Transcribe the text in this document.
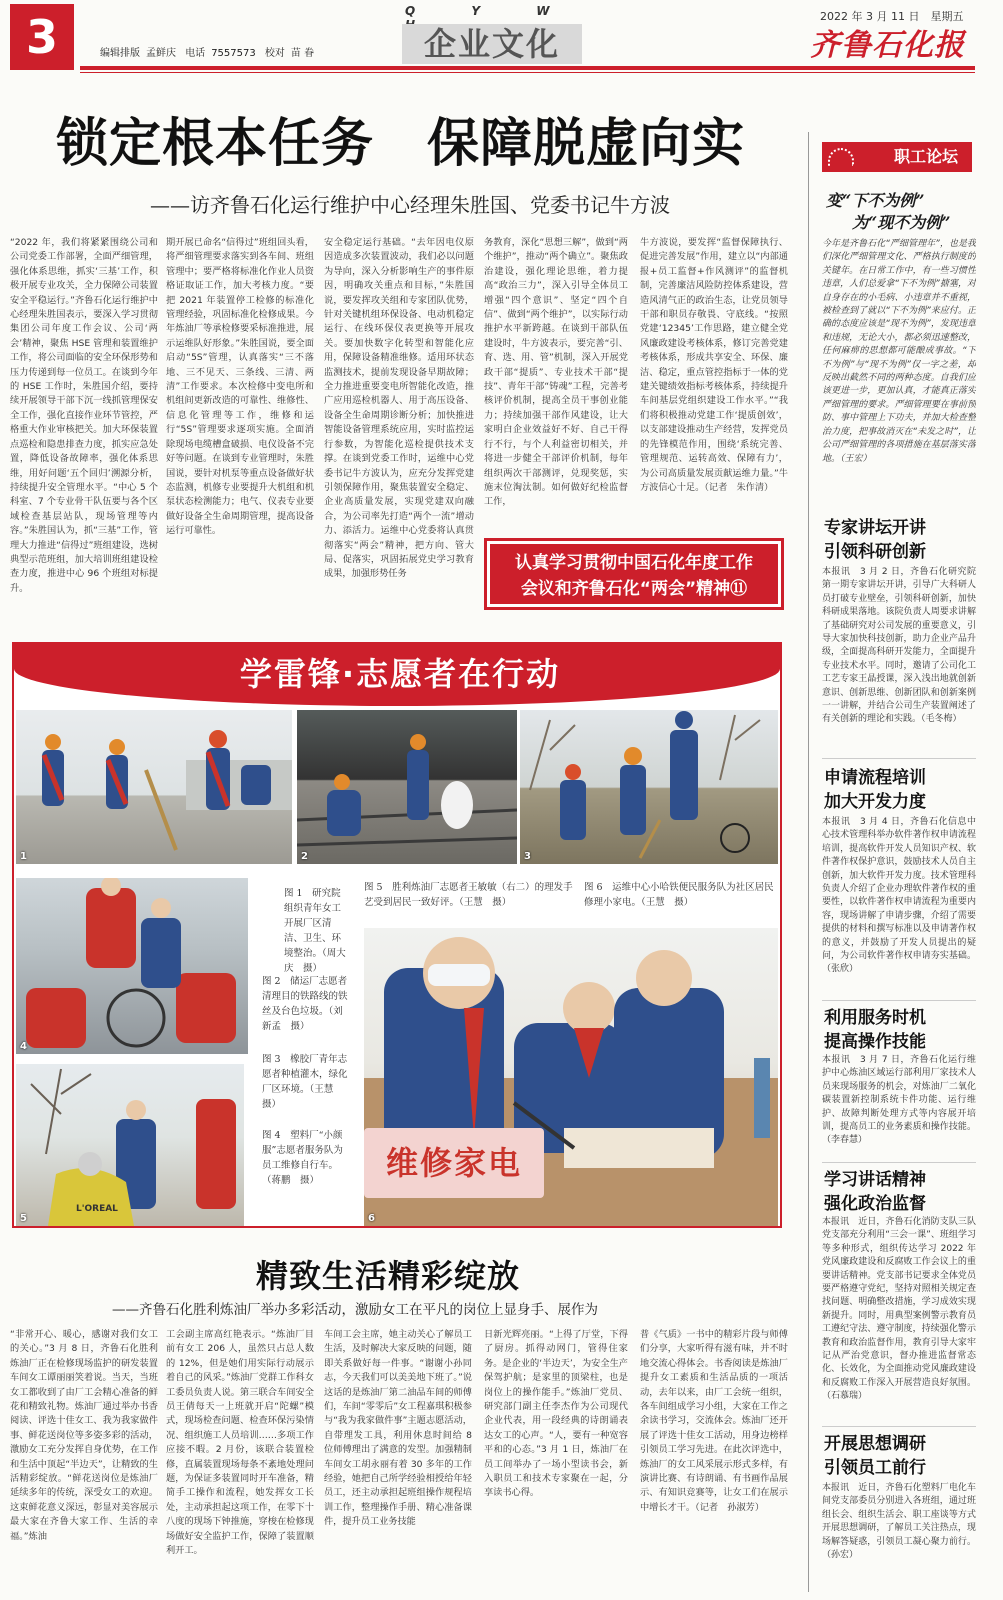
3	编辑排版 孟鲜庆 电话 7557573 校对 苗 眷
Q Y W
企业文化
2022 年 3 月 11 日　星期五
齐鲁石化报
锁定根本任务　保障脱虚向实
——访齐鲁石化运行维护中心经理朱胜国、党委书记牛方波
“2022 年，我们将紧紧围绕公司和公司党委工作部署，全面严细管理，强化体系思维，抓实‘三基’工作，积极开展专业攻关，全力保障公司装置安全平稳运行。”齐鲁石化运行维护中心经理朱胜国表示，要深入学习贯彻集团公司年度工作会议、公司‘两会’精神，聚焦 HSE 管理和装置维护工作，将公司面临的安全环保形势和压力传递到每一位员工。在谈到今年的 HSE 工作时，朱胜国介绍，要持续开展领导干部下沉一线抓管理保安全工作，强化直接作业环节管控，严格重大作业审核把关。加大环保装置点巡检和隐患排查力度，抓实应急处置，降低设备故障率，强化体系思维，用好问题‘五个回归’溯源分析，持续提升安全管理水平。“中心 5 个科室、7 个专业骨干队伍要与各个区域检查基层站队，现场管理等内容。”朱胜国认为，抓“三基”工作，管理大力推进“信得过”班组建设，选树典型示范班组，加大培训班组建设检查力度，推进中心 96 个班组对标提升。
期开展已命名“信得过”班组回头看，将严细管理要求落实到各车间、班组管理中；要严格将标准化作业人员资格证取证工作，加大考核力度。“要把 2021 年装置停工检修的标准化管理经验，巩固标准化检修成果。今年炼油厂等承检修要采标准推进，展示运维队好形象。”朱胜国说，要全面启动“5S”管理，认真落实“三不落地、三不见天、三条线、三清、两清”工作要求。本次检修中变电所和机组间更新改造的可靠性、维修性、信息化管理等工作，维修和运行“5S”管理要求逐项实施。全面消除现场电缆槽盒破损、电仪设备不完好等问题。在谈到专业管理时，朱胜国说，要针对机泵等重点设备做好状态监测，机修专业要提升大机组和机泵状态检测能力；电气、仪表专业要做好设备全生命周期管理，提高设备运行可靠性。
安全稳定运行基础。“去年因电仪原因造成多次装置波动，我们必以问题为导向，深入分析影响生产的事件原因，明确攻关重点和目标，”朱胜国说，要发挥攻关组和专家团队优势，针对关键机组环保设备、电动机稳定运行、在线环保仪表更换等开展攻关。要加快数字化转型和智能化应用，保障设备精准维修。适用环状态监测技术，提前发现设备早期故障；全力推进重要变电所智能化改造，推广应用巡检机器人、用于高压设备、设备全生命周期诊断分析；加快推进智能设备管理系统应用，实时监控运行参数，为智能化巡检提供技术支撑。在谈到党委工作时，运维中心党委书记牛方波认为，应充分发挥党建引领保障作用，聚焦装置安全稳定、企业高质量发展，实现党建双向融合，为公司率先打造“两个一流”增动力、添活力。运维中心党委将认真贯彻落实“两会”精神，把方向、管大局、促落实，巩固拓展党史学习教育成果，加强形势任务
务教育，深化“思想三解”，做到“两个维护”，推动“两个确立”。聚焦政治建设，强化理论思维，着力提高“政治三力”，深入引导全体员工增强“四个意识”、坚定“四个自信”、做到“两个维护”，以实际行动推护水平新跨越。在谈到干部队伍建设时，牛方波表示，要完善“引、育、选、用、管”机制，深入开展党政干部“提质”、专业技术干部“提技”、青年干部“铸魂”工程，完善考核评价机制，提高全员干事创业能力；持续加强干部作风建设，让大家明白企业效益好不好、自己干得行不行，与个人利益密切相关，并将进一步健全干部评价机制，每年组织两次干部测评，兑现奖惩，实施末位淘汰制。如何做好纪检监督工作，
牛方波说，要发挥“监督保障执行、促进完善发展”作用，建立以“内部通报+员工监督+作风测评”的监督机制，完善廉洁风险防控体系建设，营造风清气正的政治生态，让党员领导干部和职员存敬畏、守底线。“按照党建‘12345’工作思路，建立健全党风廉政建设考核体系，修订完善党建考核体系，形成共享安全、环保、廉洁、稳定，重点管控指标于一体的党建关键绩效指标考核体系，持续提升车间基层党组织建设工作水平。”“我们将积极推动党建工作‘提质创效’，以支部建设推动生产经营，发挥党员的先锋模范作用，围绕‘系统完善、管理规范、运转高效、保障有力’，为公司高质量发展贡献运维力量。”牛方波信心十足。（记者　朱作清）
认真学习贯彻中国石化年度工作
会议和齐鲁石化“两会”精神⑪
学雷锋·志愿者在行动
1	2	3
4
L'OREAL
5
图 1　研究院组织青年女工开展厂区清洁、卫生、环境整治。（周大庆　摄）
图 2　储运厂志愿者清理目的铁路线的铁丝及台色垃圾。（刘新孟　摄）
图 3　橡胶厂青年志愿者种植灌木，绿化厂区环境。（王慧　摄）
图 4　塑料厂“小颜服”志愿者服务队为员工维修自行车。（蒋鹏　摄）
图 5　胜利炼油厂志愿者王敏敏（右二）的理发手艺受到居民一致好评。（王慧　摄）
图 6　运维中心小哈铁便民服务队为社区居民修理小家电。（王慧　摄）
维修家电
6
精致生活精彩绽放
——齐鲁石化胜利炼油厂举办多彩活动，激励女工在平凡的岗位上显身手、展作为
“非常开心、暖心，感谢对我们女工的关心。”3 月 8 日，齐鲁石化胜利炼油厂正在检修现场监护的研发装置车间女工谭丽丽笑着说。当天，当班女工都收到了由厂工会精心准备的鲜花和精致礼物。炼油厂通过举办书香阅读、评选十佳女工、我为我家做件事、鲜花送岗位等多姿多彩的活动，激励女工充分发挥自身优势，在工作和生活中顶起“半边天”，让精致的生活精彩绽放。“鲜花送岗位是炼油厂延续多年的传统，深受女工的欢迎。这束鲜花意义深远，彰显对美容展示最大家在齐鲁大家工作、生活的幸福。”炼油
工会副主席高红艳表示。“炼油厂目前有女工 206 人，虽然只占总人数的 12%，但是她们用实际行动展示着自己的风采。”炼油厂党群工作科女工委员负责人说。第三联合车间安全员王倩每天一上班就开启“陀螺”模式，现场检查问题、检查环保污染情况、组织施工人员培训……多项工作应接不暇。2 月份，该联合装置检修，直属装置现场每条不紊地处理问题，为保证多装置同时开车准备，精简手工操作和流程，她发挥女工长处，主动承担起这项工作，在零下十八度的现场下钟推施，穿梭在检修现场做好安全监护工作，保障了装置顺利开工。
车间工会主席，她主动关心了解员工生活，及时解决大家反映的问题，随即关系做好每一件事。“谢谢小孙同志，今天我们可以美美地下班了。”说这话的是炼油厂第二油品车间的师傅们，车间“零零后”女工程嘉琪积极参与“我为我家做件事”主题志愿活动，自带理发工具，利用休息时间给 8 位师傅理出了满意的发型。加强精制车间女工胡永丽有着 30 多年的工作经验，她把自己所学经验相授给年轻员工，还主动承担起班组操作规程培训工作，整理操作手册、精心准备课件，提升员工业务技能
日新光辉亮丽。“上得了厅堂，下得了厨房。抓得动网门，管得住家务。是企业的‘半边天’，为安全生产保驾护航；是家里的顶梁柱，也是岗位上的操作能手。”炼油厂党员、研究部门副主任李杰作为公司现代企业代表，用一段经典的诗朗诵表达女工的心声。“人，要有一种宽容平和的心态。”3 月 1 日，炼油厂在员工间举办了一场小型读书会，新入职员工和技术专家聚在一起，分享读书心得。
普《气质》一书中的精彩片段与师傅们分享，大家听得有滋有味，并不时地交流心得体会。书香阅读是炼油厂提升女工素质和生活品质的一项活动，去年以来，由厂工会统一组织，各车间组成学习小组，大家在工作之余读书学习，交流体会。炼油厂还开展了评选十佳女工活动，用身边榜样引领员工学习先进。在此次评选中，炼油厂的女工风采展示形式多样，有演讲比赛、有诗朗诵、有书画作品展示、有知识竞赛等，让女工们在展示中增长才干。（记者　孙淑芳）
职工论坛
变“下不为例”
为“现不为例”
今年是齐鲁石化“严细管理年”，也是我们深化严细管理文化、严格执行制度的关键年。在日常工作中，有一些习惯性违章，人们总爱拿“下不为例”搪塞，对自身存在的小毛病、小违章并不重视，被检查到了就以“下不为例”来应付。正确的态度应该是“现不为例”，发现违章和违规，无论大小，都必须迅速整改，任何麻痹的思想都可能酿成事故。“下不为例”与“现不为例”仅一字之差，却反映出截然不同的两种态度。自我们应该更进一步，更加认真，才能真正落实严细管理的要求。严细管理要在事前预防、事中管理上下功夫，并加大检查整治力度，把事故消灭在“未发之时”，让公司严细管理的各项措施在基层落实落地。（王宏）
专家讲坛开讲
引领科研创新
本报讯　3 月 2 日，齐鲁石化研究院第一期专家讲坛开讲，引导广大科研人员打破专业壁垒，引领科研创新，加快科研成果落地。该院负责人周要求讲解了基础研究对公司发展的重要意义，引导大家加快科技创新，助力企业产品升级，全面提高科研开发能力，全面提升专业技术水平。同时，邀请了公司化工工艺专家王晶授课，深入浅出地就创新意识、创新思维、创新团队和创新案例一一讲解，并结合公司生产装置阐述了有关创新的理论和实践。（毛冬梅）
申请流程培训
加大开发力度
本报讯　3 月 4 日，齐鲁石化信息中心技术管理科举办软件著作权申请流程培训，提高软件开发人员知识产权、软件著作权保护意识，鼓励技术人员自主创新，加大软件开发力度。技术管理科负责人介绍了企业办理软件著作权的重要性，以软件著作权申请流程为重要内容，现场讲解了申请步骤，介绍了需要提供的材料和撰写标准以及申请著作权的意义，并鼓励了开发人员提出的疑问，为公司软件著作权申请夯实基础。（张欣）
利用服务时机
提高操作技能
本报讯　3 月 7 日，齐鲁石化运行维护中心炼油区域运行部利用厂家技术人员来现场服务的机会，对炼油厂二氧化碳装置新控制系统卡件功能、运行维护、故障判断处理方式等内容展开培训，提高员工的业务素质和操作技能。（李春慧）
学习讲话精神
强化政治监督
本报讯　近日，齐鲁石化消防支队三队党支部充分利用“三会一课”、班组学习等多种形式，组织传达学习 2022 年党风廉政建设和反腐败工作会议上的重要讲话精神。党支部书记要求全体党员要严格遵守党纪，坚持对照相关规定查找问题、明确整改措施，学习成效实现新提升。同时，用典型案例警示教育员工遵纪守法、遵守制度，持续强化警示教育和政治监督作用，教育引导大家牢记从严治党意识，督办推进监督常态化、长效化，为全面推动党风廉政建设和反腐败工作深入开展营造良好氛围。（石慕瑞）
开展思想调研
引领员工前行
本报讯　近日，齐鲁石化塑料厂电化车间党支部委员分别进入各班组，通过班组长会、组织生活会、职工座谈等方式开展思想调研，了解员工关注热点，现场解答疑惑，引领员工凝心聚力前行。（孙宏）
